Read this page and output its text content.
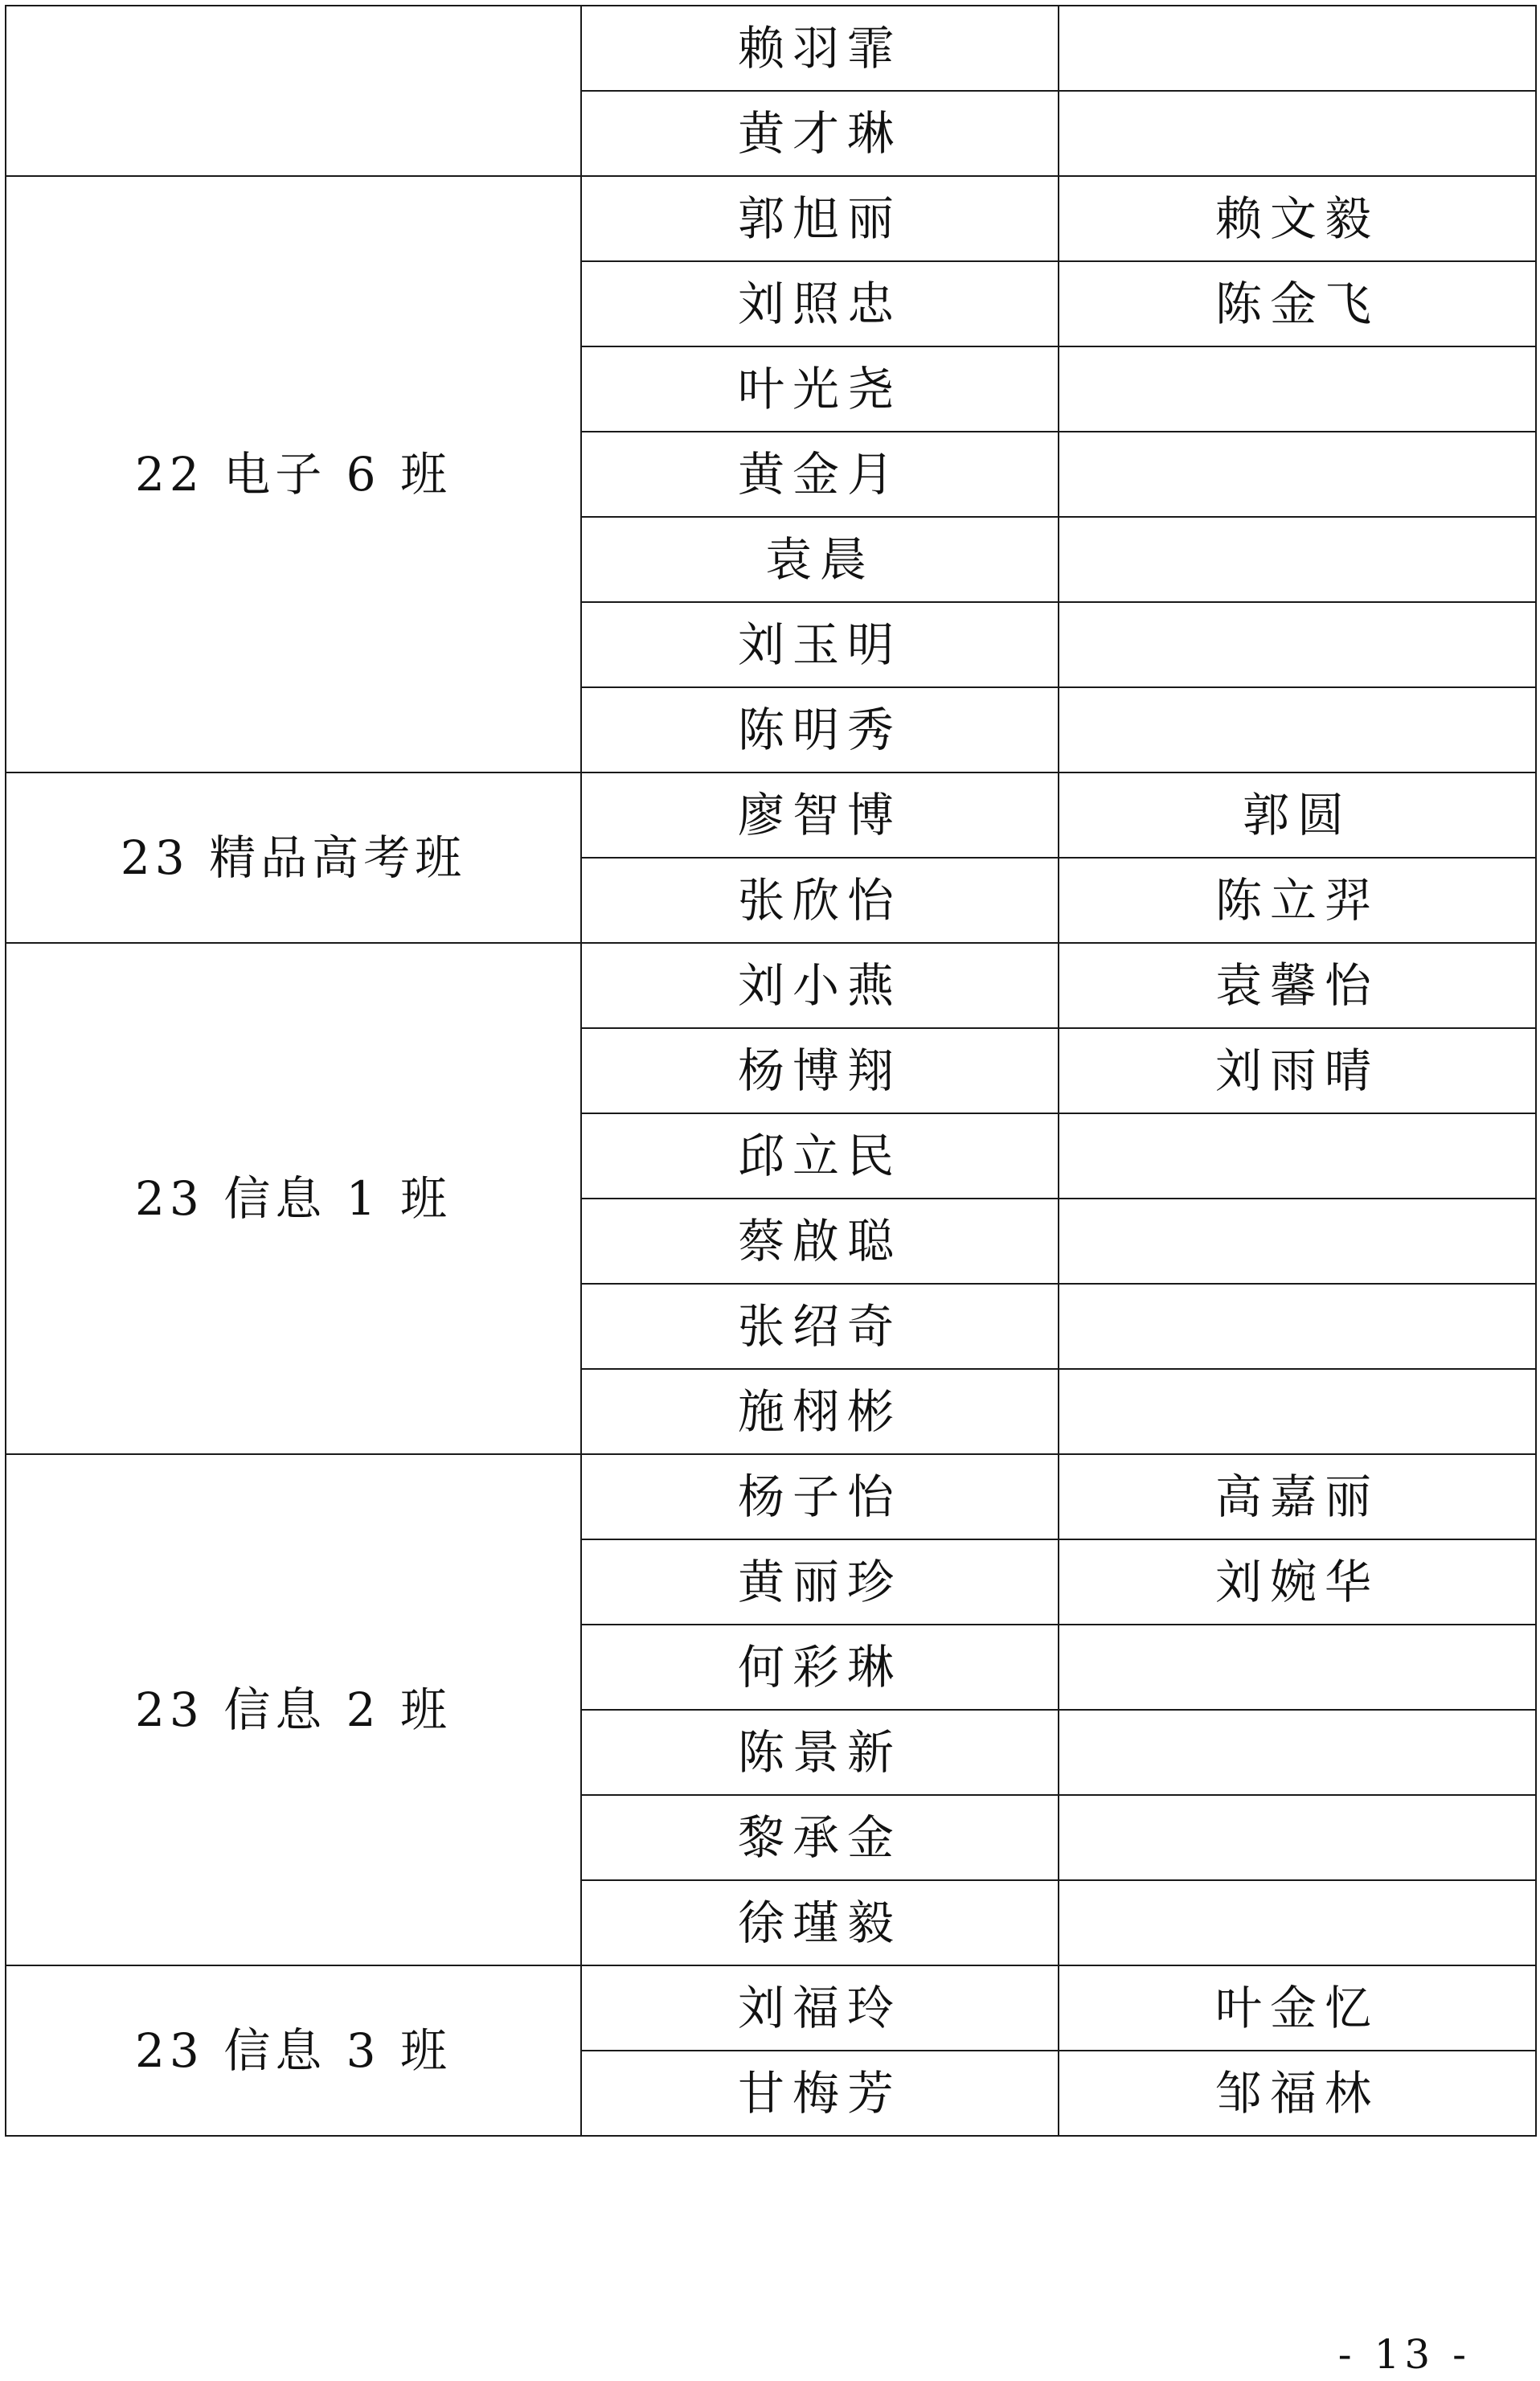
	赖羽霏	
	黄才琳	
22 电子 6 班	郭旭丽	赖文毅
	刘照忠	陈金飞
	叶光尧	
	黄金月	
	袁晨	
	刘玉明	
	陈明秀	
23 精品高考班	廖智博	郭圆
	张欣怡	陈立羿
23 信息 1 班	刘小燕	袁馨怡
	杨博翔	刘雨晴
	邱立民	
	蔡啟聪	
	张绍奇	
	施栩彬	
23 信息 2 班	杨子怡	高嘉丽
	黄丽珍	刘婉华
	何彩琳	
	陈景新	
	黎承金	
	徐瑾毅	
23 信息 3 班	刘福玲	叶金忆
	甘梅芳	邹福林
- 13 -
